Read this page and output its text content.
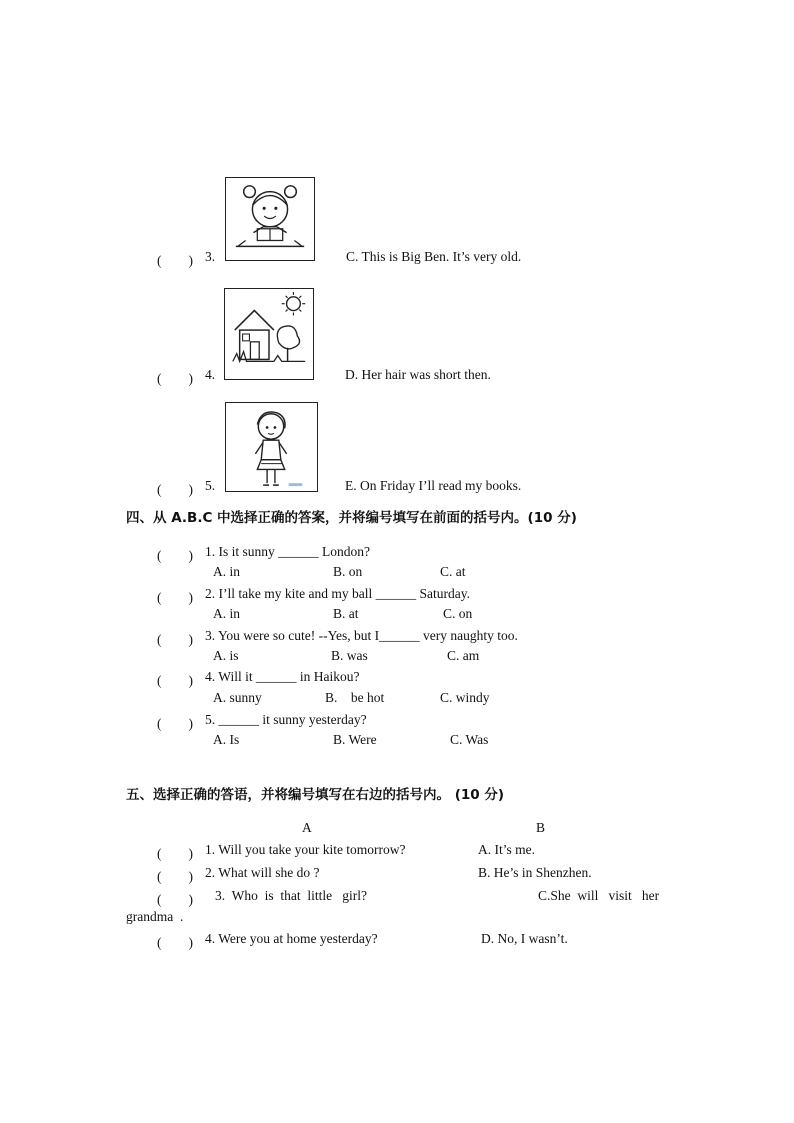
(　　) 3.	C. This is Big Ben. It’s very old.
(　　) 4.	D. Her hair was short then.
(　　) 5.	E. On Friday I’ll read my books.
四、从 A.B.C 中选择正确的答案，并将编号填写在前面的括号内。(10 分)
(　　) 1. Is it sunny ______ London?
A. in	B. on	C. at
(　　) 2. I’ll take my kite and my ball ______ Saturday.
A. in	B. at	C. on
(　　) 3. You were so cute! --Yes, but I______ very naughty too.
A. is	B. was	C. am
(　　) 4. Will it ______ in Haikou?
A. sunny	B.    be hot	C. windy
(　　) 5. ______ it sunny yesterday?
A. Is	B. Were	C. Was
五、选择正确的答语，并将编号填写在右边的括号内。 (10 分)
A	B
(　　) 1. Will you take your kite tomorrow?	A. It’s me.
(　　) 2. What will she do ?	B. He’s in Shenzhen.
(　　) 3.  Who  is  that  little   girl?	C.She  will   visit   her
grandma  .
(　　) 4. Were you at home yesterday?	D. No, I wasn’t.
